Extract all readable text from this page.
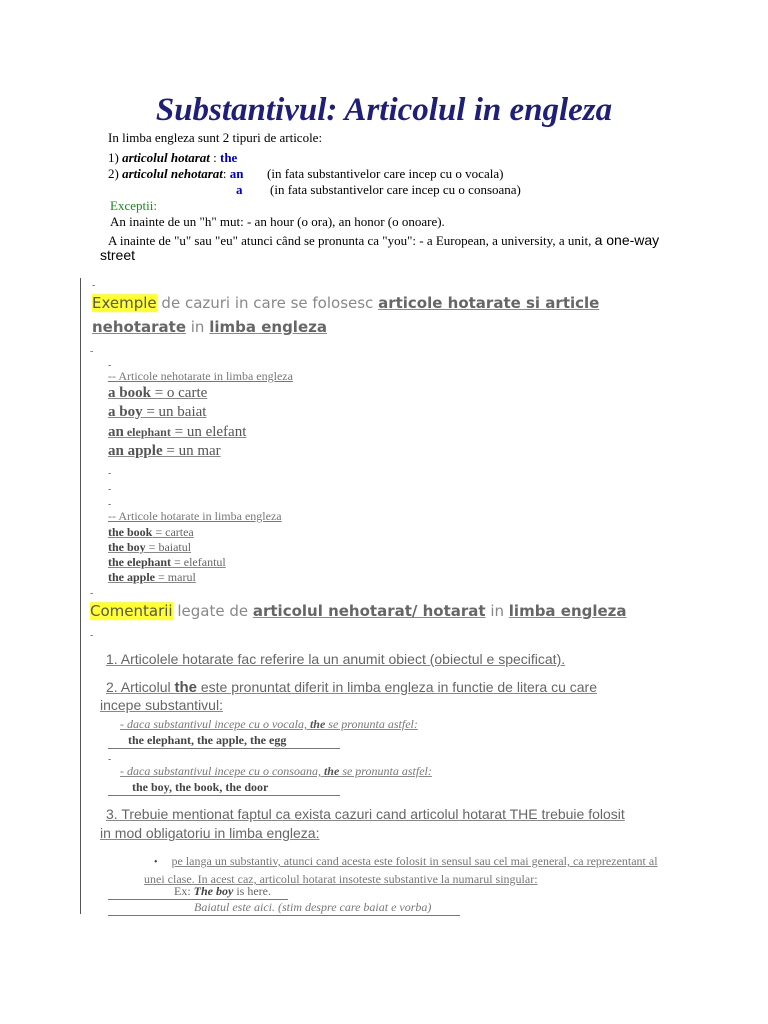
Substantivul: Articolul in engleza
In limba engleza sunt 2 tipuri de articole:
1) articolul hotarat : the
2) articolul nehotarat: an (in fata substantivelor care incep cu o vocala)
a (in fata substantivelor care incep cu o consoana)
Exceptii:
An inainte de un "h" mut: - an hour (o ora), an honor (o onoare).
A inainte de "u" sau "eu" atunci când se pronunta ca "you": - a European, a university, a unit, a one-way
street
-
Exemple de cazuri in care se folosesc articole hotarate si article
nehotarate in limba engleza
-
-
-- Articole nehotarate in limba engleza
a book = o carte
a boy = un baiat
an elephant = un elefant
an apple = un mar
-
-
-
-- Articole hotarate in limba engleza
the book = cartea
the boy = baiatul
the elephant = elefantul
the apple = marul
-
Comentarii legate de articolul nehotarat/ hotarat in limba engleza
-
1. Articolele hotarate fac referire la un anumit obiect (obiectul e specificat).
2. Articolul the este pronuntat diferit in limba engleza in functie de litera cu care
incepe substantivul:
- daca substantivul incepe cu o vocala, the se pronunta astfel:
the elephant, the apple, the egg
-
- daca substantivul incepe cu o consoana, the se pronunta astfel:
the boy, the book, the door
3. Trebuie mentionat faptul ca exista cazuri cand articolul hotarat THE trebuie folosit
in mod obligatoriu in limba engleza:
• pe langa un substantiv, atunci cand acesta este folosit in sensul sau cel mai general, ca reprezentant al unei clase. In acest caz, articolul hotarat insoteste substantive la numarul singular:
Ex: The boy is here.
Baiatul este aici. (stim despre care baiat e vorba)
